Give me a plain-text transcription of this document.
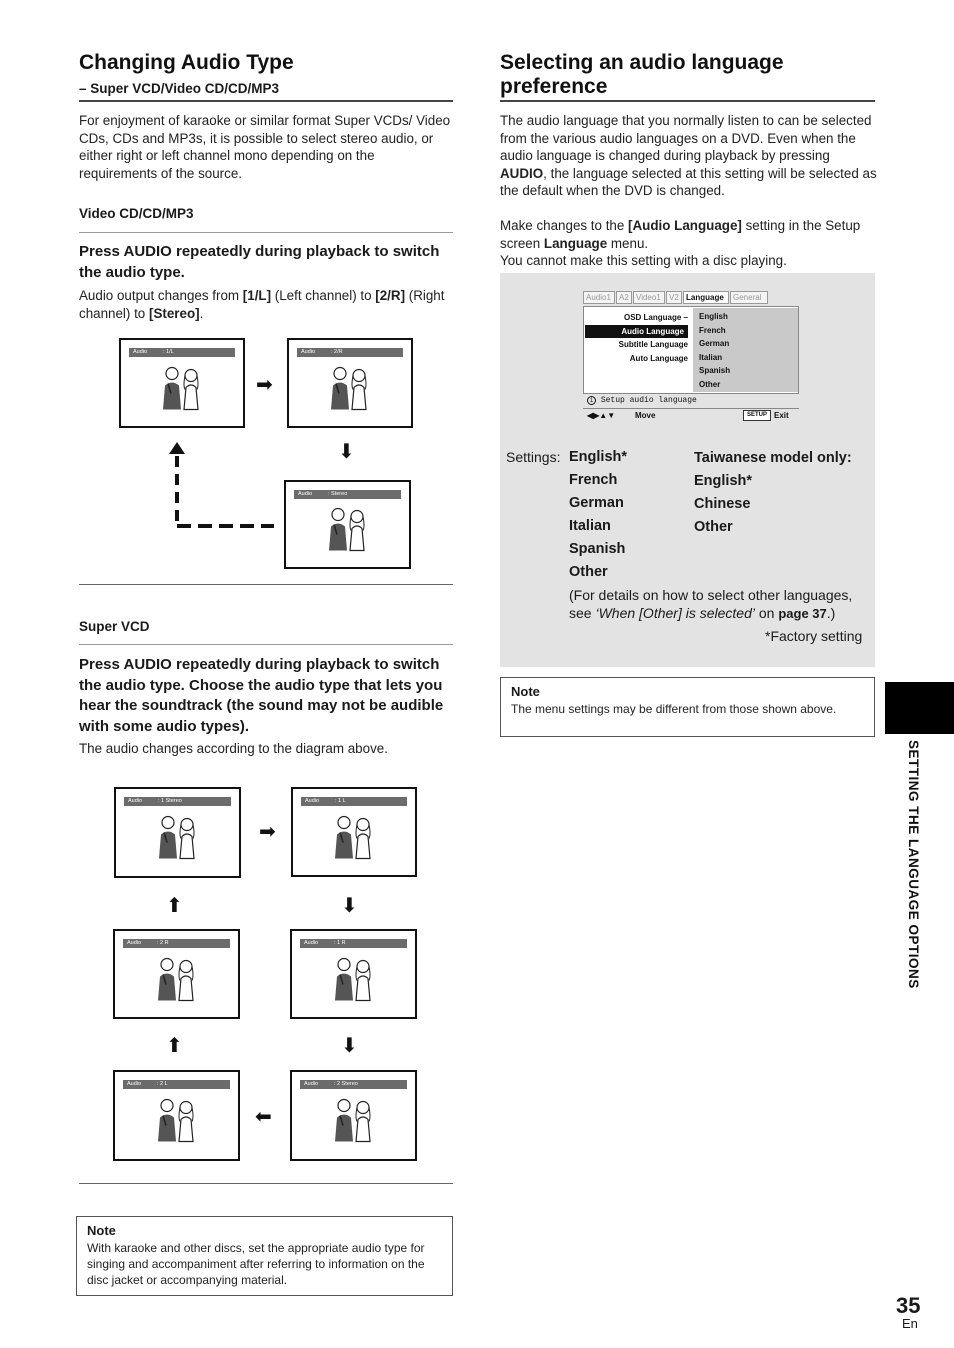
Changing Audio Type
– Super VCD/Video CD/CD/MP3
For enjoyment of karaoke or similar format Super VCDs/ Video CDs, CDs and MP3s, it is possible to select stereo audio, or either right or left channel mono depending on the requirements of the source.
Video CD/CD/MP3
Press AUDIO repeatedly during playback to switch the audio type.
Audio output changes from [1/L] (Left channel) to [2/R] (Right channel) to [Stereo].
Audio	: 1/L	Audio	: 2/R
Audio	: Stereo
➡
⬇
Super VCD
Press AUDIO repeatedly during playback to switch the audio type. Choose the audio type that lets you hear the soundtrack (the sound may not be audible with some audio types).
The audio changes according to the diagram above.
Audio	: 1 Stereo	Audio	: 1 L
Audio	: 2 R	Audio	: 1 R
Audio	: 2 L	Audio	: 2 Stereo
➡
⬆	⬇
⬆	⬇
⬅
Note
With karaoke and other discs, set the appropriate audio type for singing and accompaniment after referring to information on the disc jacket or accompanying material.
Selecting an audio language
preference
The audio language that you normally listen to can be selected from the various audio languages on a DVD. Even when the audio language is changed during playback by pressing AUDIO, the language selected at this setting will be selected as the default when the DVD is changed.
Make changes to the [Audio Language] setting in the Setup screen Language menu.
You cannot make this setting with a disc playing.
Audio1	A2 Video1	V2 Language	General
OSD Language –
Audio Language
Subtitle Language
Auto Language
English
French
German
Italian
Spanish
Other
i Setup audio language
◀▶▲▼ Move	SETUP Exit
Settings: English*
French
German
Italian
Spanish
Other
Taiwanese model only:
English*
Chinese
Other
(For details on how to select other languages, see ‘When [Other] is selected’ on page 37.)
*Factory setting
Note
The menu settings may be different from those shown above.
SETTING THE LANGUAGE OPTIONS
35
En
